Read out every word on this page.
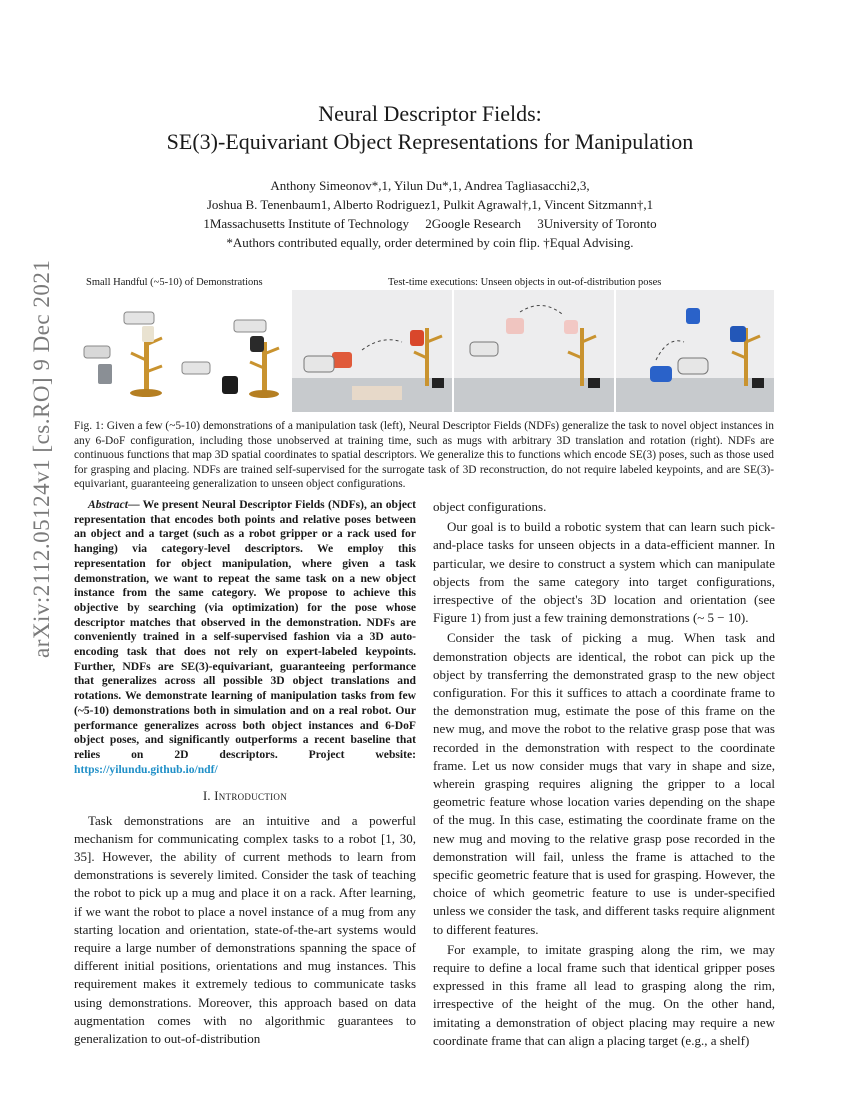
arXiv:2112.05124v1 [cs.RO] 9 Dec 2021
Neural Descriptor Fields:
SE(3)-Equivariant Object Representations for Manipulation
Anthony Simeonov*,1, Yilun Du*,1, Andrea Tagliasacchi2,3,
Joshua B. Tenenbaum1, Alberto Rodriguez1, Pulkit Agrawal†,1, Vincent Sitzmann†,1
1Massachusetts Institute of Technology     2Google Research     3University of Toronto
*Authors contributed equally, order determined by coin flip. †Equal Advising.
Small Handful (~5-10) of Demonstrations	Test-time executions: Unseen objects in out-of-distribution poses
Fig. 1: Given a few (~5-10) demonstrations of a manipulation task (left), Neural Descriptor Fields (NDFs) generalize the task to novel object instances in any 6-DoF configuration, including those unobserved at training time, such as mugs with arbitrary 3D translation and rotation (right). NDFs are continuous functions that map 3D spatial coordinates to spatial descriptors. We generalize this to functions which encode SE(3) poses, such as those used for grasping and placing. NDFs are trained self-supervised for the surrogate task of 3D reconstruction, do not require labeled keypoints, and are SE(3)-equivariant, guaranteeing generalization to unseen object configurations.

Abstract— We present Neural Descriptor Fields (NDFs), an object representation that encodes both points and relative poses between an object and a target (such as a robot gripper or a rack used for hanging) via category-level descriptors. We employ this representation for object manipulation, where given a task demonstration, we want to repeat the same task on a new object instance from the same category. We propose to achieve this objective by searching (via optimization) for the pose whose descriptor matches that observed in the demonstration. NDFs are conveniently trained in a self-supervised fashion via a 3D auto-encoding task that does not rely on expert-labeled keypoints. Further, NDFs are SE(3)-equivariant, guaranteeing performance that generalizes across all possible 3D object translations and rotations. We demonstrate learning of manipulation tasks from few (~5-10) demonstrations both in simulation and on a real robot. Our performance generalizes across both object instances and 6-DoF object poses, and significantly outperforms a recent baseline that relies on 2D descriptors. Project website: https://yilundu.github.io/ndf/

I. Introduction

Task demonstrations are an intuitive and a powerful mechanism for communicating complex tasks to a robot [1, 30, 35]. However, the ability of current methods to learn from demonstrations is severely limited. Consider the task of teaching the robot to pick up a mug and place it on a rack. After learning, if we want the robot to place a novel instance of a mug from any starting location and orientation, state-of-the-art systems would require a large number of demonstrations spanning the space of different initial positions, orientations and mug instances. This requirement makes it extremely tedious to communicate tasks using demonstrations. Moreover, this approach based on data augmentation comes with no algorithmic guarantees to generalization to out-of-distribution

object configurations.

Our goal is to build a robotic system that can learn such pick-and-place tasks for unseen objects in a data-efficient manner. In particular, we desire to construct a system which can manipulate objects from the same category into target configurations, irrespective of the object's 3D location and orientation (see Figure 1) from just a few training demonstrations (~ 5 − 10).

Consider the task of picking a mug. When task and demonstration objects are identical, the robot can pick up the object by transferring the demonstrated grasp to the new object configuration. For this it suffices to attach a coordinate frame to the demonstration mug, estimate the pose of this frame on the new mug, and move the robot to the relative grasp pose that was recorded in the demonstration with respect to the coordinate frame. Let us now consider mugs that vary in shape and size, wherein grasping requires aligning the gripper to a local geometric feature whose location varies depending on the shape of the mug. In this case, estimating the coordinate frame on the new mug and moving to the relative grasp pose recorded in the demonstration will fail, unless the frame is attached to the specific geometric feature that is used for grasping. However, the choice of which geometric feature to use is under-specified unless we consider the task, and different tasks require alignment to different features.

For example, to imitate grasping along the rim, we may require to define a local frame such that identical gripper poses expressed in this frame all lead to grasping along the rim, irrespective of the height of the mug. On the other hand, imitating a demonstration of object placing may require a new coordinate frame that can align a placing target (e.g., a shelf)
